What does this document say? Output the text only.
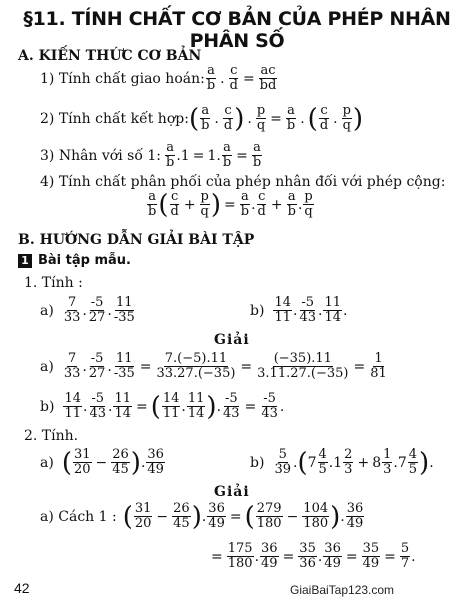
§11. TÍNH CHẤT CƠ BẢN CỦA PHÉP NHÂN PHÂN SỐ
A. KIẾN THỨC CƠ BẢN
1) Tính chất giao hoán: $\frac{a}{b}$ . $\frac{c}{d} = \frac{ac}{bd}$
2) Tính chất kết hợp: ( $\frac{a}{b}$ . $\frac{c}{d}$ ) . $\frac{p}{q} = \frac{a}{b}$ . ( $\frac{c}{d}$ . $\frac{p}{q}$ )
3) Nhân với số 1: $\frac{a}{b}$ . 1 = 1 . $\frac{a}{b} = \frac{a}{b}$
4) Tính chất phân phối của phép nhân đối với phép cộng:
$\frac{a}{b}$ ( $\frac{c}{d} + \frac{p}{q}$ ) = $\frac{a}{b}$ . $\frac{c}{d} + \frac{a}{b}$ . $\frac{p}{q}$
B. HƯỚNG DẪN GIẢI BÀI TẬP
1 Bài tập mẫu.
1. Tính :
$a) \frac{7}{33}$ . $\frac{-5}{27}$ . $\frac{11}{-35}$	$b) \frac{14}{11}$ . $\frac{-5}{43}$ . $\frac{11}{14}$ .
Giải
$a) \frac{7}{33}$ . $\frac{-5}{27}$ . $\frac{11}{-35} = \frac{7.(-5).11}{33.27.(-35)} = \frac{(-35).11}{3.11.27.(-35)} = \frac{1}{81}$
$b) \frac{14}{11}$ . $\frac{-5}{43}$ . $\frac{11}{14}$ = ( $\frac{14}{11}$ . $\frac{11}{14}$ ) . $\frac{-5}{43} = \frac{-5}{43}$ .
2. Tính.
a) ( $\frac{31}{20} - \frac{26}{45}$ ) . $\frac{36}{49}$	$b) \frac{5}{39}$ . ( $7 \frac{4}{5}$ . $1 \frac{2}{3} + 8 \frac{1}{3}$ . $7 \frac{4}{5}$ ) .
Giải
a) Cách 1 : ( $\frac{31}{20} - \frac{26}{45}$ ) . $\frac{36}{49}$ = ( $\frac{279}{180} - \frac{104}{180}$ ) . $\frac{36}{49}$
= $\frac{175}{180}$ . $\frac{36}{49} = \frac{35}{36}$ . $\frac{36}{49} = \frac{35}{49} = \frac{5}{7}$ .
42	GiaiBaiTap123.com
